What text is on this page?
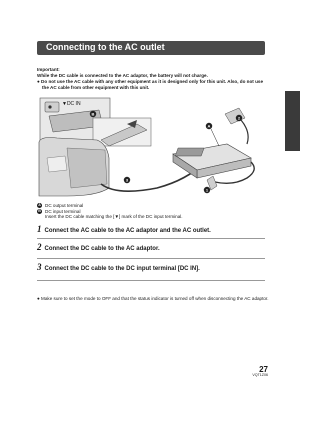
Connecting to the AC outlet
Important:
While the DC cable is connected to the AC adaptor, the battery will not charge.
● Do not use the AC cable with any other equipment as it is designed only for this unit. Also, do not use the AC cable from other equipment with this unit.
▼DC IN
B
3
A
2
1
A DC output terminal
B DC input terminal
Insert the DC cable matching the [▼] mark of the DC input terminal.
1 Connect the AC cable to the AC adaptor and the AC outlet.
2 Connect the DC cable to the AC adaptor.
3 Connect the DC cable to the DC input terminal [DC IN].
● Make sure to set the mode to OFF and that the status indicator is turned off when disconnecting the AC adaptor.
27
VQT1Z06
